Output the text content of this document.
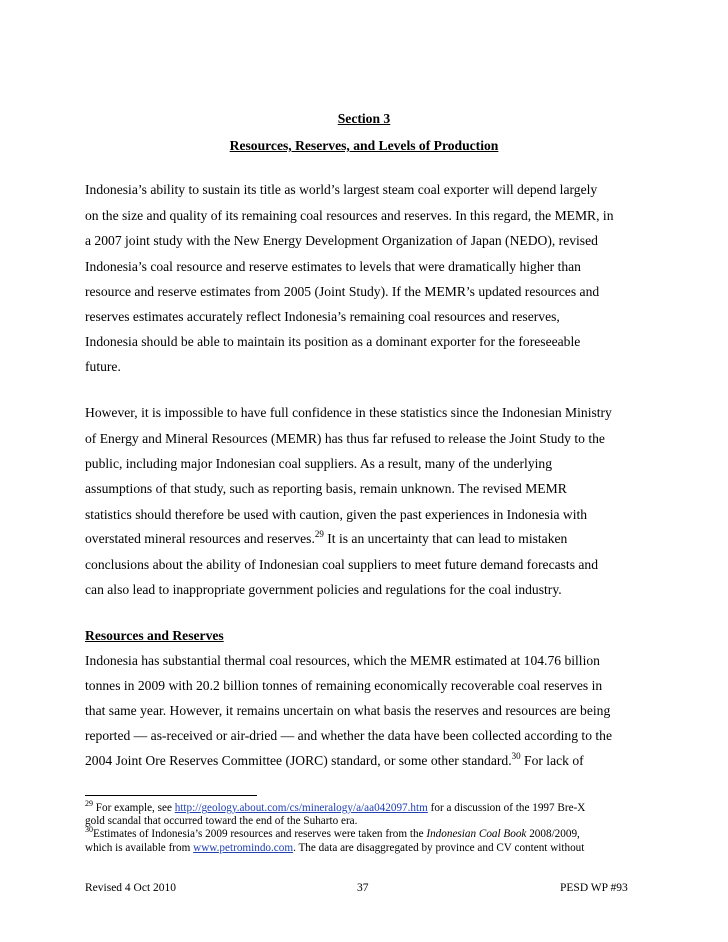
Section 3
Resources, Reserves, and Levels of Production
Indonesia’s ability to sustain its title as world’s largest steam coal exporter will depend largely
on the size and quality of its remaining coal resources and reserves. In this regard, the MEMR, in
a 2007 joint study with the New Energy Development Organization of Japan (NEDO), revised
Indonesia’s coal resource and reserve estimates to levels that were dramatically higher than
resource and reserve estimates from 2005 (Joint Study). If the MEMR’s updated resources and
reserves estimates accurately reflect Indonesia’s remaining coal resources and reserves,
Indonesia should be able to maintain its position as a dominant exporter for the foreseeable
future.
However, it is impossible to have full confidence in these statistics since the Indonesian Ministry
of Energy and Mineral Resources (MEMR) has thus far refused to release the Joint Study to the
public, including major Indonesian coal suppliers. As a result, many of the underlying
assumptions of that study, such as reporting basis, remain unknown. The revised MEMR
statistics should therefore be used with caution, given the past experiences in Indonesia with
overstated mineral resources and reserves.$^{29}$ It is an uncertainty that can lead to mistaken
conclusions about the ability of Indonesian coal suppliers to meet future demand forecasts and
can also lead to inappropriate government policies and regulations for the coal industry.
Resources and Reserves
Indonesia has substantial thermal coal resources, which the MEMR estimated at 104.76 billion
tonnes in 2009 with 20.2 billion tonnes of remaining economically recoverable coal reserves in
that same year. However, it remains uncertain on what basis the reserves and resources are being
reported — as-received or air-dried — and whether the data have been collected according to the
2004 Joint Ore Reserves Committee (JORC) standard, or some other standard.$^{30}$ For lack of
$^{29}$ For example, see http://geology.about.com/cs/mineralogy/a/aa042097.htm for a discussion of the 1997 Bre-X
gold scandal that occurred toward the end of the Suharto era.
$^{30}$Estimates of Indonesia’s 2009 resources and reserves were taken from the Indonesian Coal Book 2008/2009,
which is available from www.petromindo.com. The data are disaggregated by province and CV content without
Revised 4 Oct 2010	37	PESD WP #93
